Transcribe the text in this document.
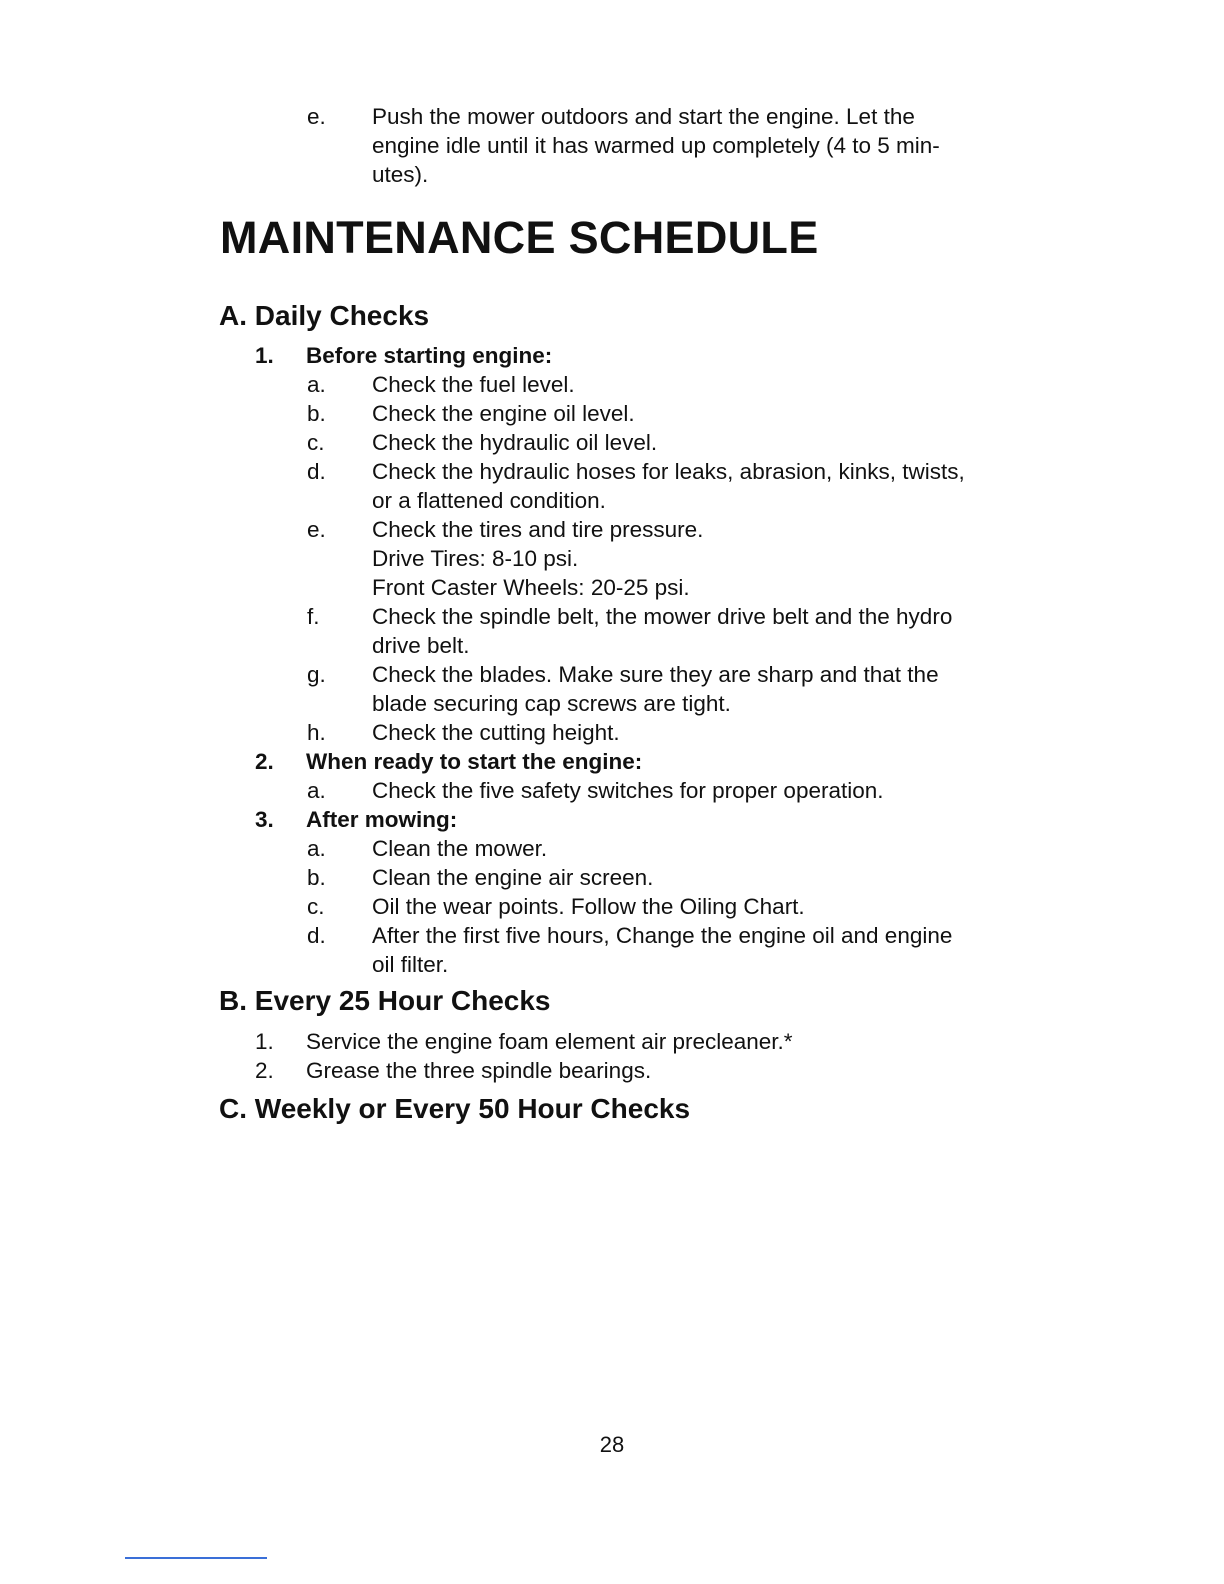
e. Push the mower outdoors and start the engine. Let the
engine idle until it has warmed up completely (4 to 5 min-
utes).
MAINTENANCE SCHEDULE
A. Daily Checks
1. Before starting engine:
a. Check the fuel level.
b. Check the engine oil level.
c. Check the hydraulic oil level.
d. Check the hydraulic hoses for leaks, abrasion, kinks, twists,
or a flattened condition.
e. Check the tires and tire pressure.
Drive Tires: 8-10 psi.
Front Caster Wheels: 20-25 psi.
f. Check the spindle belt, the mower drive belt and the hydro
drive belt.
g. Check the blades. Make sure they are sharp and that the
blade securing cap screws are tight.
h. Check the cutting height.
2. When ready to start the engine:
a. Check the five safety switches for proper operation.
3. After mowing:
a. Clean the mower.
b. Clean the engine air screen.
c. Oil the wear points. Follow the Oiling Chart.
d. After the first five hours, Change the engine oil and engine
oil filter.
B. Every 25 Hour Checks
1. Service the engine foam element air precleaner.*
2. Grease the three spindle bearings.
C. Weekly or Every 50 Hour Checks
28
